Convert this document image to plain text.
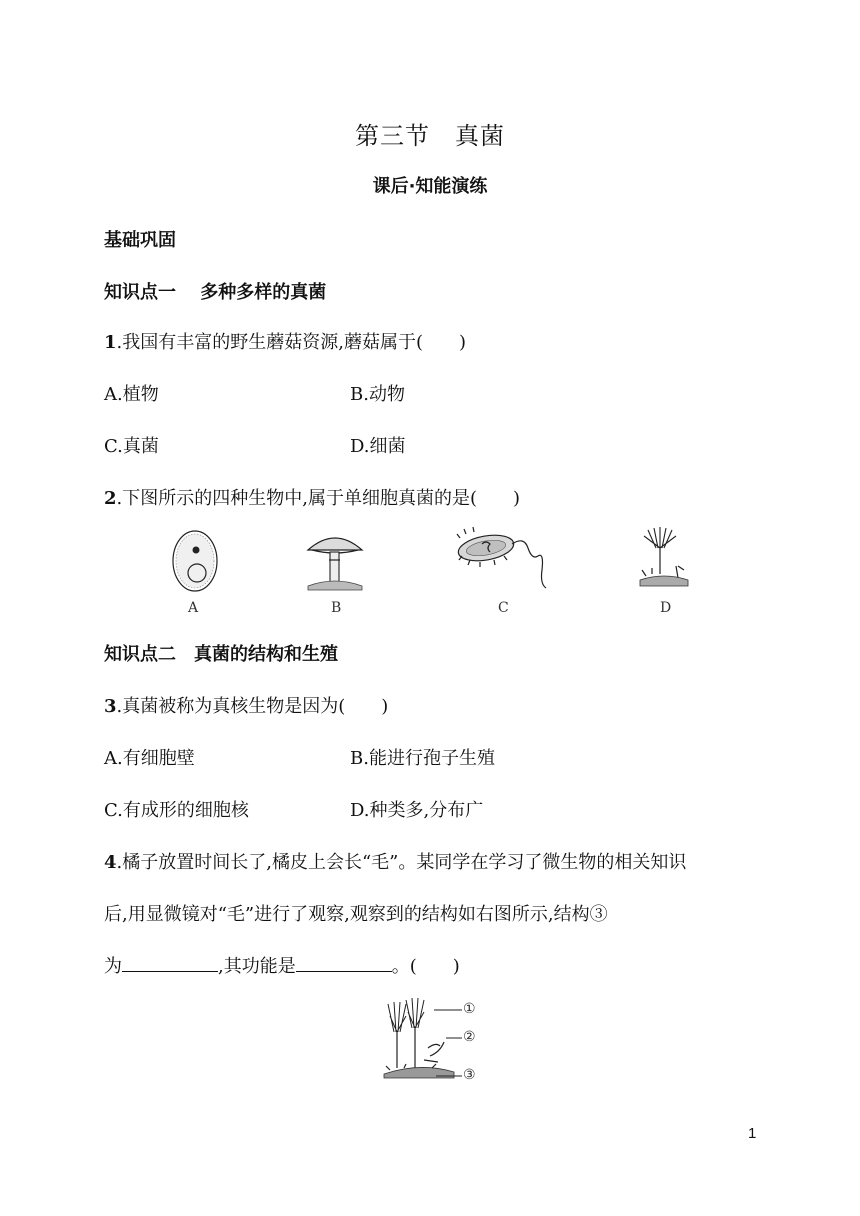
第三节　真菌
课后·知能演练
基础巩固
知识点一　 多种多样的真菌
1.我国有丰富的野生蘑菇资源,蘑菇属于(　　)
A.植物	B.动物
C.真菌	D.细菌
2.下图所示的四种生物中,属于单细胞真菌的是(　　)
A	B	C	D
知识点二　真菌的结构和生殖
3.真菌被称为真核生物是因为(　　)
A.有细胞壁	B.能进行孢子生殖
C.有成形的细胞核	D.种类多,分布广
4.橘子放置时间长了,橘皮上会长“毛”。某同学在学习了微生物的相关知识
后,用显微镜对“毛”进行了观察,观察到的结构如右图所示,结构③
为	,其功能是	。(　　)
①
②
③
1
